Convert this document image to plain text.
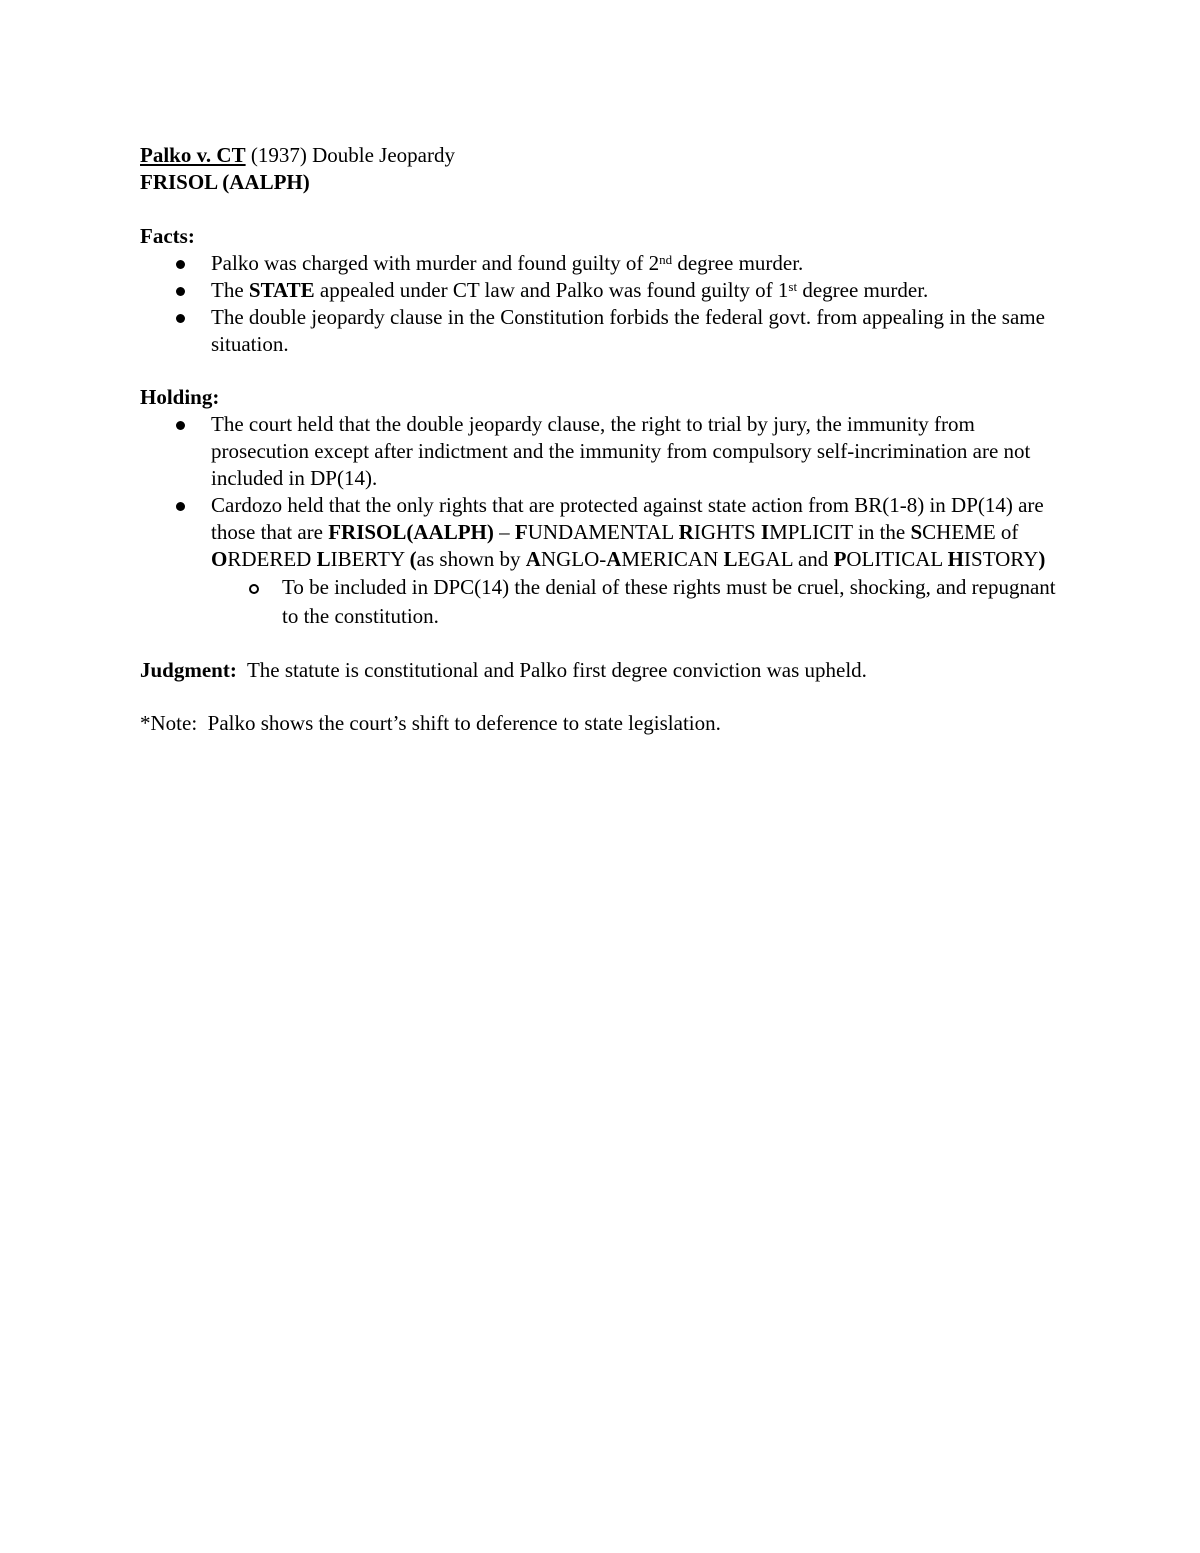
Palko v. CT (1937) Double Jeopardy

FRISOL (AALPH)

Facts:

Palko was charged with murder and found guilty of 2nd degree murder.
The STATE appealed under CT law and Palko was found guilty of 1st degree murder.
The double jeopardy clause in the Constitution forbids the federal govt. from appealing in the same situation.

Holding:

The court held that the double jeopardy clause, the right to trial by jury, the immunity from prosecution except after indictment and the immunity from compulsory self-incrimination are not included in DP(14).
Cardozo held that the only rights that are protected against state action from BR(1-8) in DP(14) are those that are FRISOL(AALPH) – FUNDAMENTAL RIGHTS IMPLICIT in the SCHEME of ORDERED LIBERTY (as shown by ANGLO-AMERICAN LEGAL and POLITICAL HISTORY)
To be included in DPC(14) the denial of these rights must be cruel, shocking, and repugnant to the constitution.

Judgment:  The statute is constitutional and Palko first degree conviction was upheld.

*Note:  Palko shows the court’s shift to deference to state legislation.
